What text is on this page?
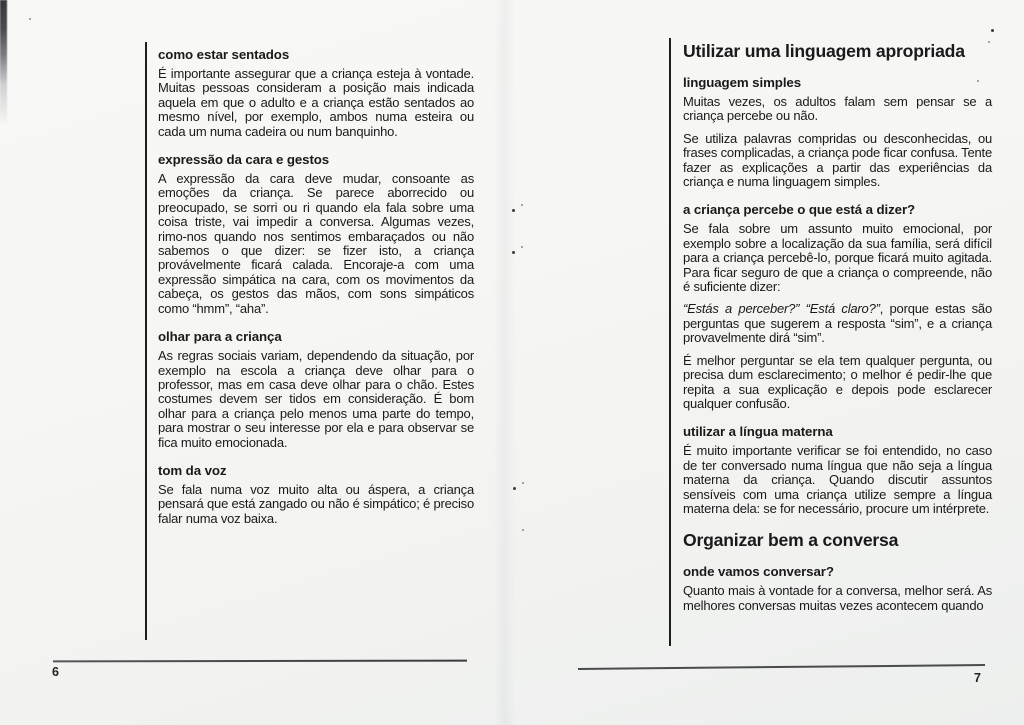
como estar sentados

É importante assegurar que a criança esteja à vontade. Muitas pessoas consideram a posição mais indicada aquela em que o adulto e a criança estão sentados ao mesmo nível, por exemplo, ambos numa esteira ou cada um numa cadeira ou num banquinho.

expressão da cara e gestos

A expressão da cara deve mudar, consoante as emoções da criança. Se parece aborrecido ou preocupado, se sorri ou ri quando ela fala sobre uma coisa triste, vai impedir a conversa. Algumas vezes, rimo-nos quando nos sentimos embaraçados ou não sabemos o que dizer: se fizer isto, a criança provávelmente ficará calada. Encoraje-a com uma expressão simpática na cara, com os movimentos da cabeça, os gestos das mãos, com sons simpáticos como “hmm”, “aha”.

olhar para a criança

As regras sociais variam, dependendo da situação, por exemplo na escola a criança deve olhar para o professor, mas em casa deve olhar para o chão. Estes costumes devem ser tidos em consideração. É bom olhar para a criança pelo menos uma parte do tempo, para mostrar o seu interesse por ela e para observar se fica muito emocionada.

tom da voz

Se fala numa voz muito alta ou áspera, a criança pensará que está zangado ou não é simpático; é preciso falar numa voz baixa.

Utilizar uma linguagem apropriada
linguagem simples

Muitas vezes, os adultos falam sem pensar se a criança percebe ou não.

Se utiliza palavras compridas ou desconhecidas, ou frases complicadas, a criança pode ficar confusa. Tente fazer as explicações a partir das experiências da criança e numa linguagem simples.

a criança percebe o que está a dizer?

Se fala sobre um assunto muito emocional, por exemplo sobre a localização da sua família, será difícil para a criança percebê-lo, porque ficará muito agitada. Para ficar seguro de que a criança o compreende, não é suficiente dizer:

“Estás a perceber?” “Está claro?”, porque estas são perguntas que sugerem a resposta “sim”, e a criança provavelmente dirá “sim”.

É melhor perguntar se ela tem qualquer pergunta, ou precisa dum esclarecimento; o melhor é pedir-lhe que repita a sua explicação e depois pode esclarecer qualquer confusão.

utilizar a língua materna

É muito importante verificar se foi entendido, no caso de ter conversado numa língua que não seja a língua materna da criança. Quando discutir assuntos sensíveis com uma criança utilize sempre a língua materna dela: se for necessário, procure um intérprete.

Organizar bem a conversa
onde vamos conversar?

Quanto mais à vontade for a conversa, melhor será. As melhores conversas muitas vezes acontecem quando

6	7
